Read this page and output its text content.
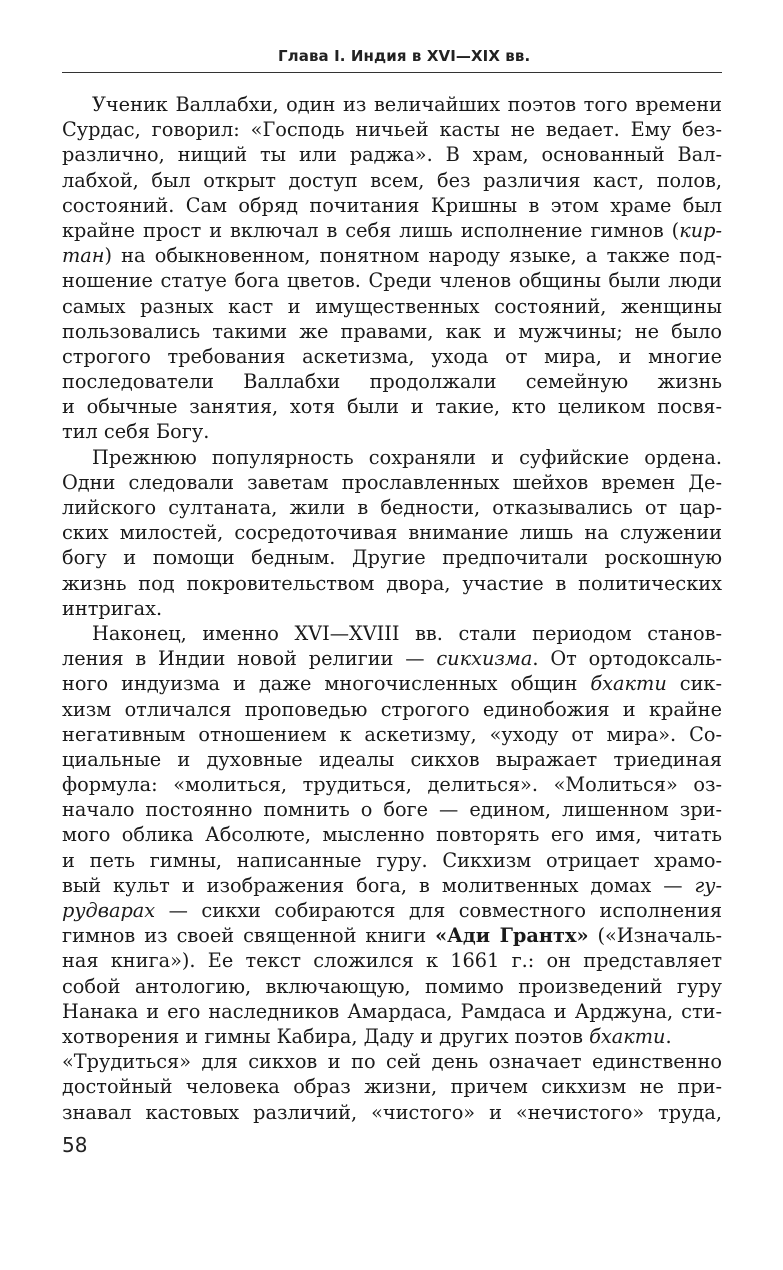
Глава I. Индия в XVI—XIX вв.
Ученик Валлабхи, один из величайших поэтов того времени
Сурдас, говорил: «Господь ничьей касты не ведает. Ему без-
различно, нищий ты или раджа». В храм, основанный Вал-
лабхой, был открыт доступ всем, без различия каст, полов,
состояний. Сам обряд почитания Кришны в этом храме был
крайне прост и включал в себя лишь исполнение гимнов (кир-
тан) на обыкновенном, понятном народу языке, а также под-
ношение статуе бога цветов. Среди членов общины были люди
самых разных каст и имущественных состояний, женщины
пользовались такими же правами, как и мужчины; не было
строгого требования аскетизма, ухода от мира, и многие
последователи Валлабхи продолжали семейную жизнь
и обычные занятия, хотя были и такие, кто целиком посвя-
тил себя Богу.
Прежнюю популярность сохраняли и суфийские ордена.
Одни следовали заветам прославленных шейхов времен Де-
лийского султаната, жили в бедности, отказывались от цар-
ских милостей, сосредоточивая внимание лишь на служении
богу и помощи бедным. Другие предпочитали роскошную
жизнь под покровительством двора, участие в политических
интригах.
Наконец, именно XVI—XVIII вв. стали периодом станов-
ления в Индии новой религии — сикхизма. От ортодоксаль-
ного индуизма и даже многочисленных общин бхакти сик-
хизм отличался проповедью строгого единобожия и крайне
негативным отношением к аскетизму, «уходу от мира». Со-
циальные и духовные идеалы сикхов выражает триединая
формула: «молиться, трудиться, делиться». «Молиться» оз-
начало постоянно помнить о боге — едином, лишенном зри-
мого облика Абсолюте, мысленно повторять его имя, читать
и петь гимны, написанные гуру. Сикхизм отрицает храмо-
вый культ и изображения бога, в молитвенных домах — гу-
рудварах — сикхи собираются для совместного исполнения
гимнов из своей священной книги «Ади Грантх» («Изначаль-
ная книга»). Ее текст сложился к 1661 г.: он представляет
собой антологию, включающую, помимо произведений гуру
Нанака и его наследников Амардаса, Рамдаса и Арджуна, сти-
хотворения и гимны Кабира, Даду и других поэтов бхакти.
«Трудиться» для сикхов и по сей день означает единственно
достойный человека образ жизни, причем сикхизм не при-
знавал кастовых различий, «чистого» и «нечистого» труда,
58
